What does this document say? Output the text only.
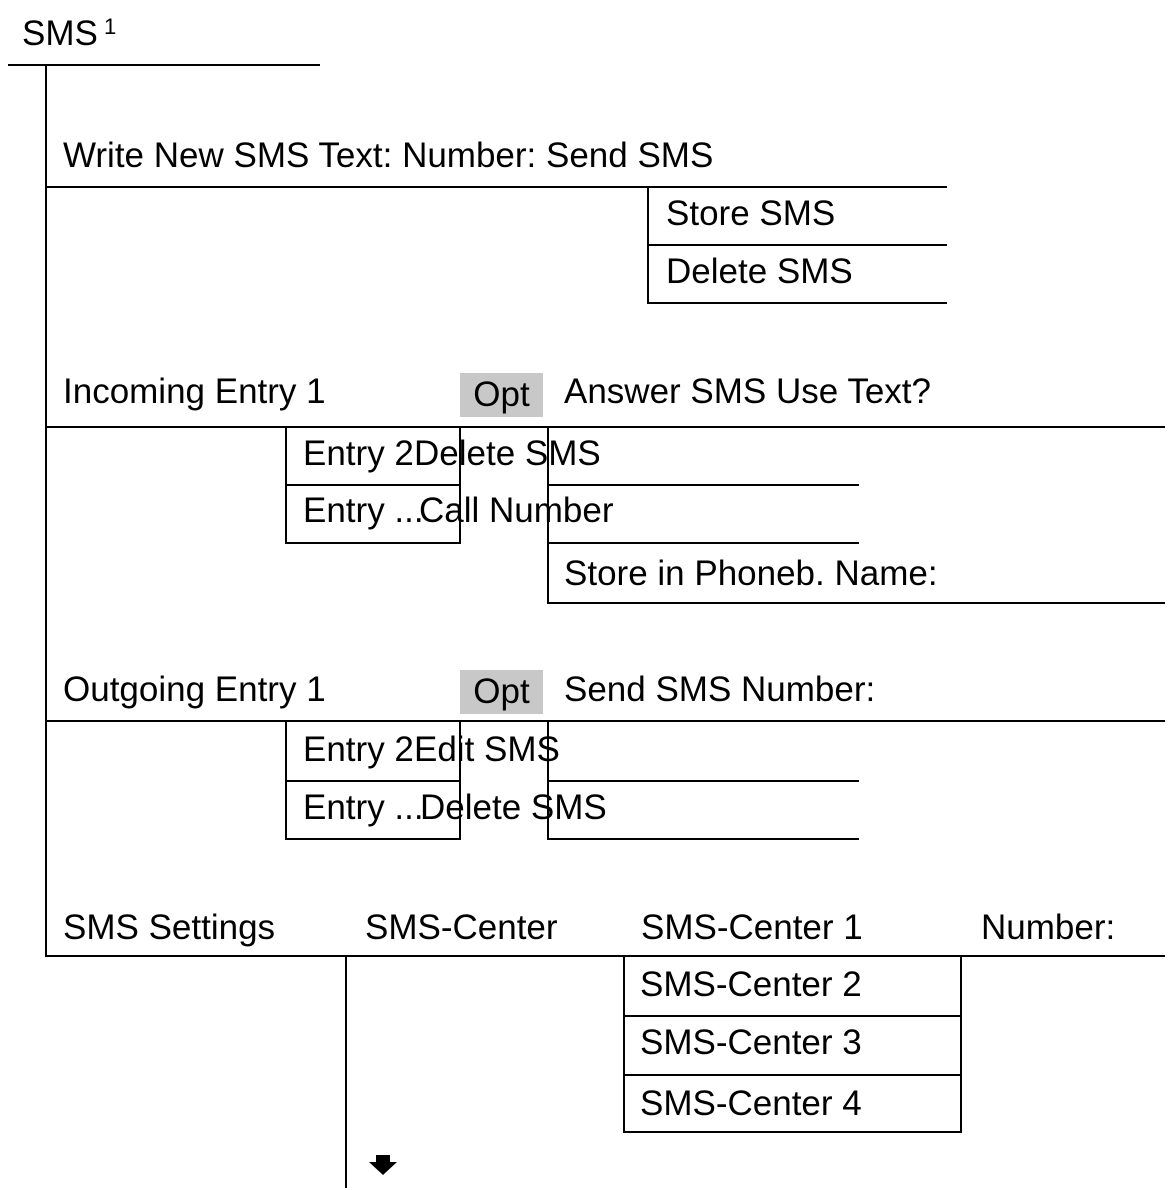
SMS 1
Write New SMS Text: Number: Send SMS
Store SMS
Delete SMS
Incoming Entry 1	Opt Answer SMS Use Text?
Entry 2
Entry ...
Delete SMS
Call Number
Store in Phoneb. Name:
Outgoing Entry 1	Opt Send SMS Number:
Entry 2
Entry ...
Edit SMS
Delete SMS
SMS Settings	SMS-Center SMS-Center 1	Number:
SMS-Center 2
SMS-Center 3
SMS-Center 4
